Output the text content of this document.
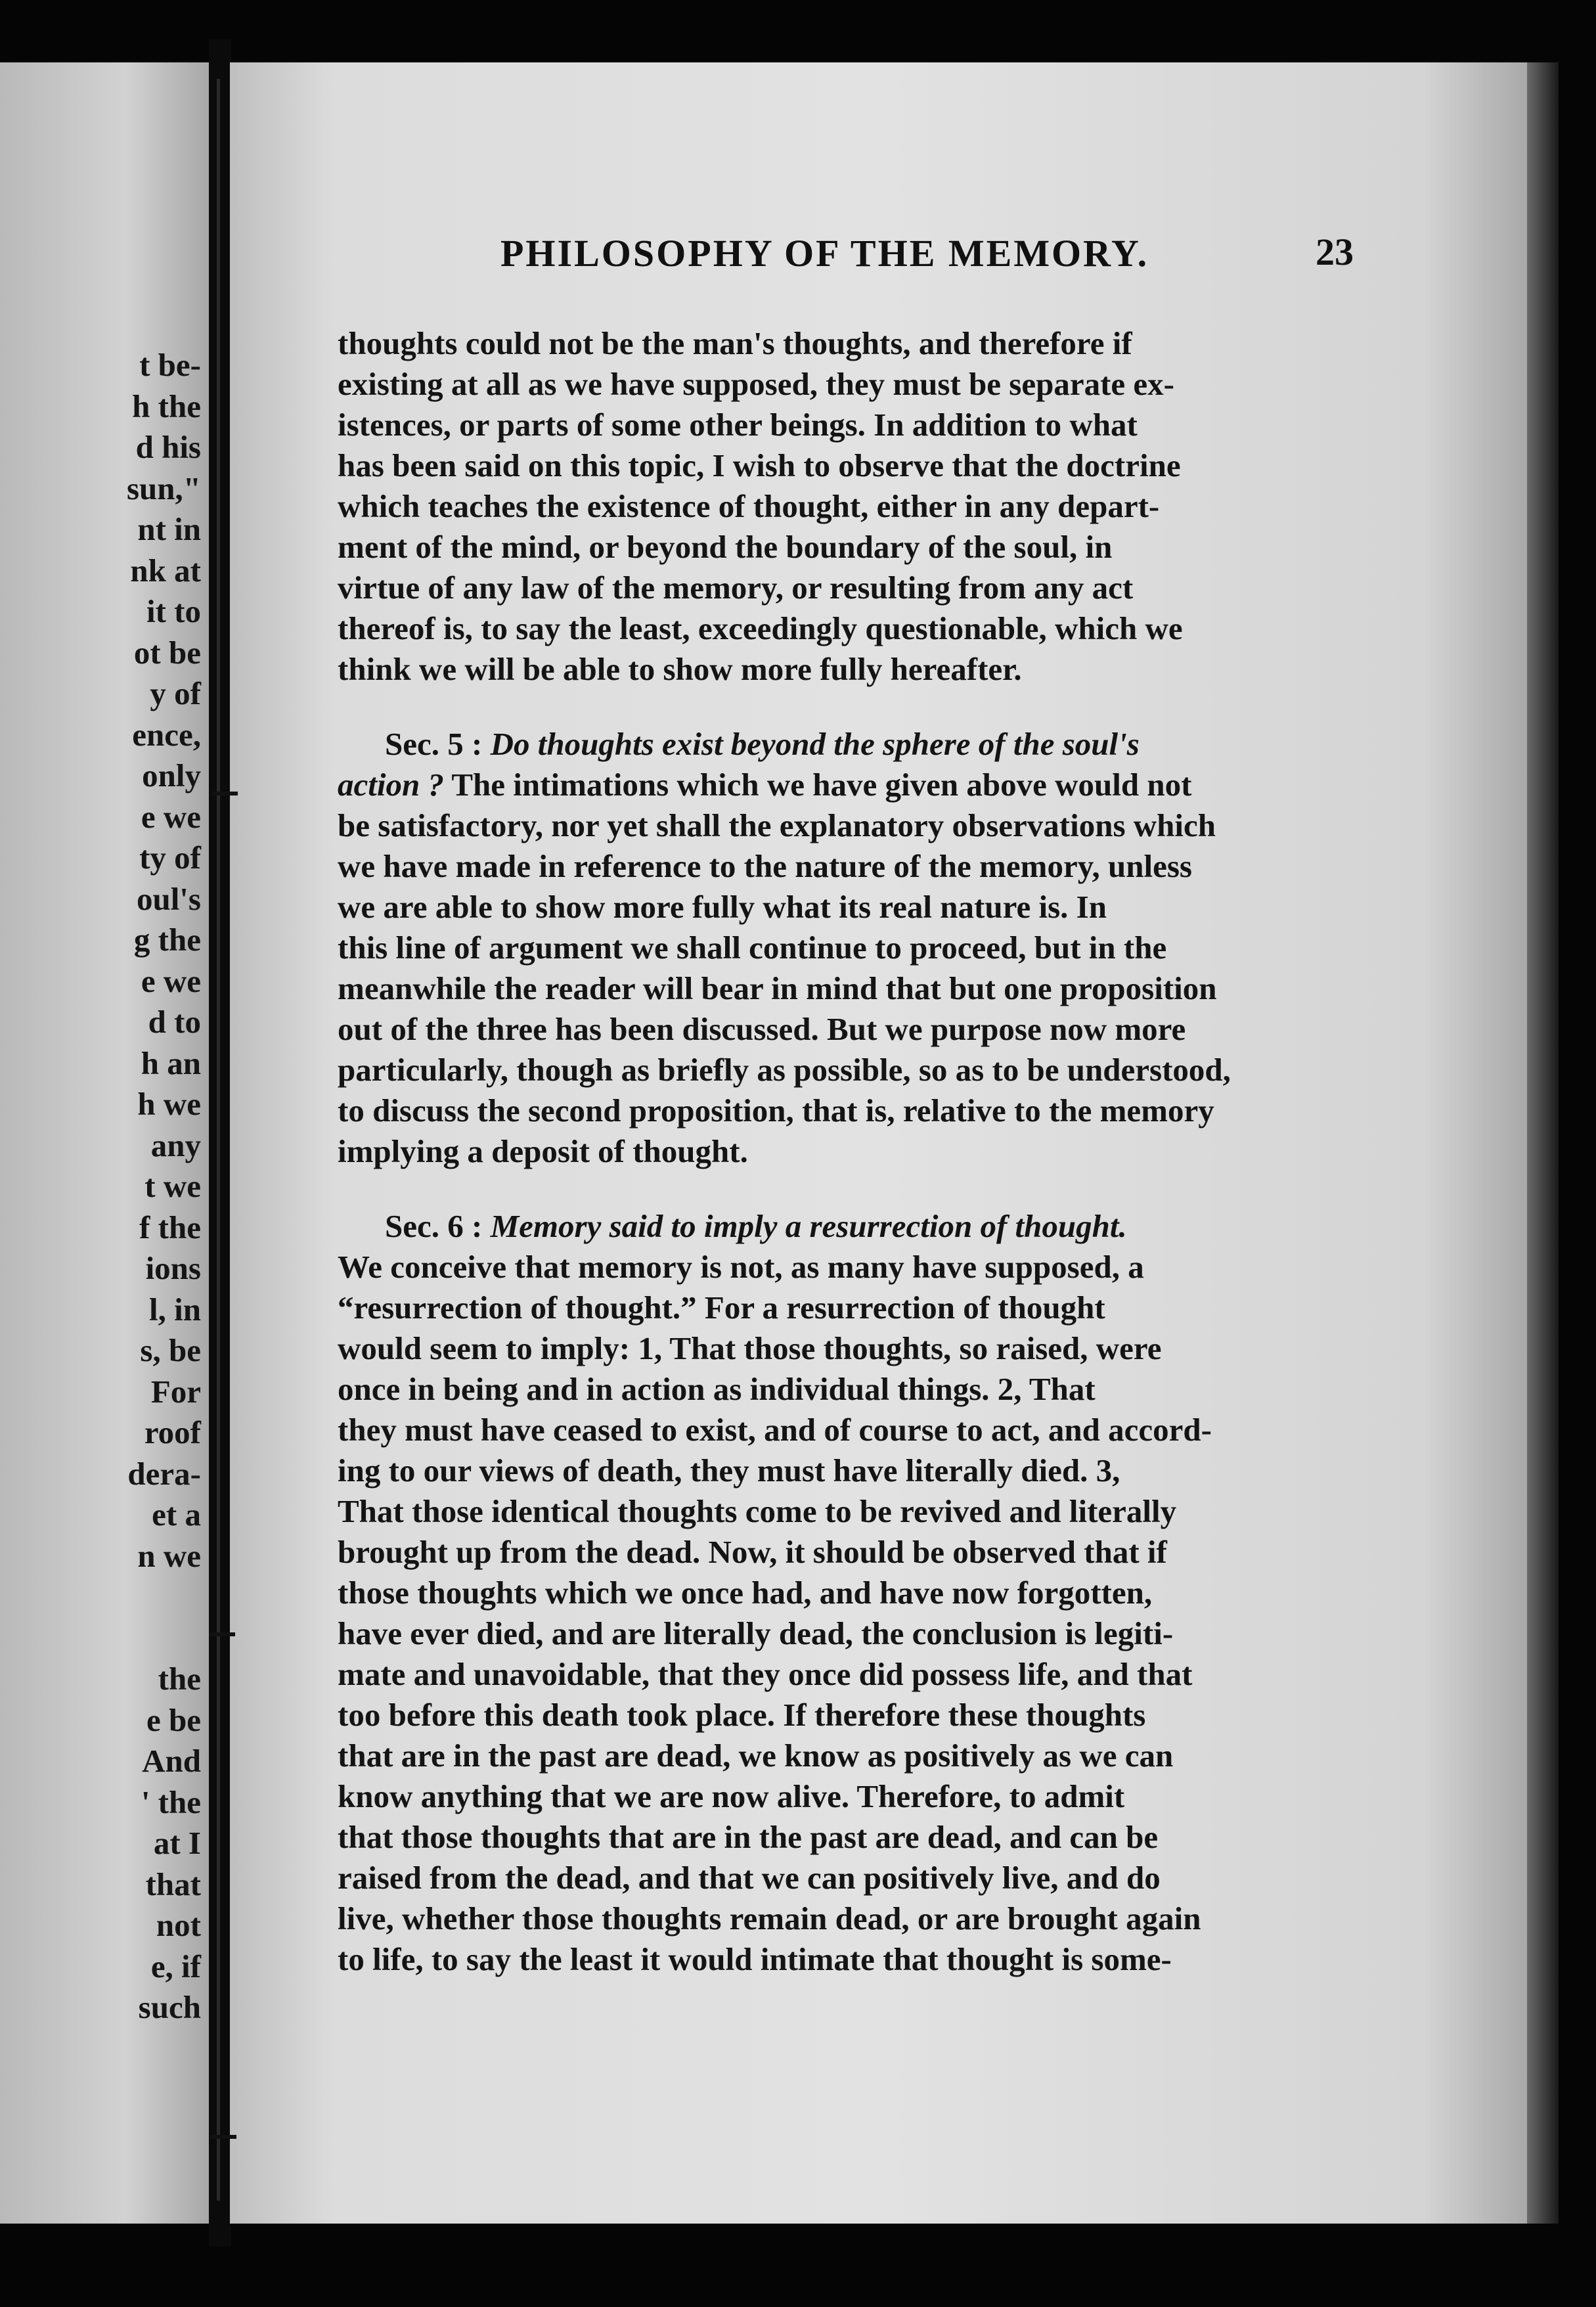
t be-
h the
d his
sun,"
nt in
nk at
it to
ot be
y of
ence,
only
e we
ty of
oul's
g the
e we
d to
h an
h we
any
t we
f the
ions
l, in
s, be
For
roof
dera-
et a
n we

the
e be
And
' the
at I
that
not
e, if
such
PHILOSOPHY OF THE MEMORY.	23
thoughts could not be the man's thoughts, and therefore if
existing at all as we have supposed, they must be separate ex-
istences, or parts of some other beings. In addition to what
has been said on this topic, I wish to observe that the doctrine
which teaches the existence of thought, either in any depart-
ment of the mind, or beyond the boundary of the soul, in
virtue of any law of the memory, or resulting from any act
thereof is, to say the least, exceedingly questionable, which we
think we will be able to show more fully hereafter.
Sec. 5 : Do thoughts exist beyond the sphere of the soul's
action ? The intimations which we have given above would not
be satisfactory, nor yet shall the explanatory observations which
we have made in reference to the nature of the memory, unless
we are able to show more fully what its real nature is. In
this line of argument we shall continue to proceed, but in the
meanwhile the reader will bear in mind that but one proposition
out of the three has been discussed. But we purpose now more
particularly, though as briefly as possible, so as to be understood,
to discuss the second proposition, that is, relative to the memory
implying a deposit of thought.
Sec. 6 : Memory said to imply a resurrection of thought.
We conceive that memory is not, as many have supposed, a
“resurrection of thought.” For a resurrection of thought
would seem to imply: 1, That those thoughts, so raised, were
once in being and in action as individual things. 2, That
they must have ceased to exist, and of course to act, and accord-
ing to our views of death, they must have literally died. 3,
That those identical thoughts come to be revived and literally
brought up from the dead. Now, it should be observed that if
those thoughts which we once had, and have now forgotten,
have ever died, and are literally dead, the conclusion is legiti-
mate and unavoidable, that they once did possess life, and that
too before this death took place. If therefore these thoughts
that are in the past are dead, we know as positively as we can
know anything that we are now alive. Therefore, to admit
that those thoughts that are in the past are dead, and can be
raised from the dead, and that we can positively live, and do
live, whether those thoughts remain dead, or are brought again
to life, to say the least it would intimate that thought is some-
